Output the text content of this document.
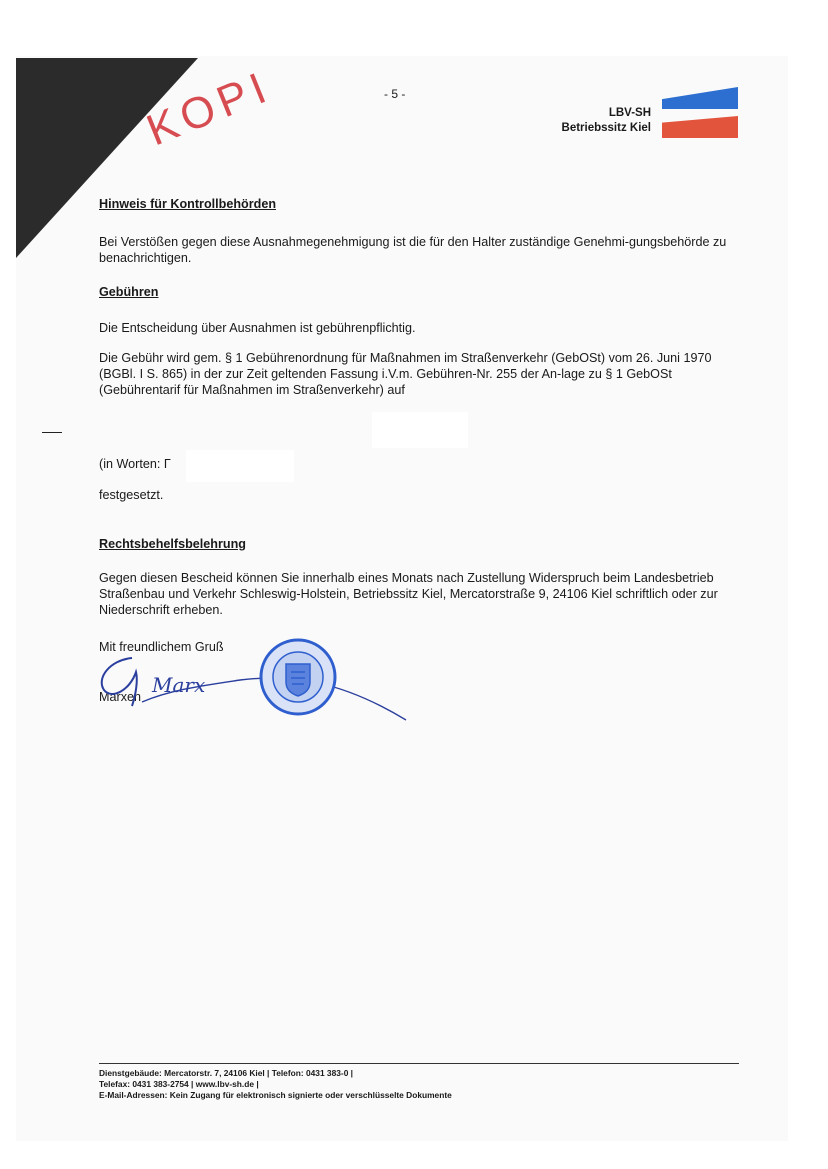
KOPI	- 5 -
LBV-SH
Betriebssitz Kiel
Hinweis für Kontrollbehörden
Bei Verstößen gegen diese Ausnahmegenehmigung ist die für den Halter zuständige Genehmi-gungsbehörde zu benachrichtigen.
Gebühren
Die Entscheidung über Ausnahmen ist gebührenpflichtig.
Die Gebühr wird gem. § 1 Gebührenordnung für Maßnahmen im Straßenverkehr (GebOSt) vom 26. Juni 1970 (BGBl. I S. 865) in der zur Zeit geltenden Fassung i.V.m. Gebühren-Nr. 255 der An-lage zu § 1 GebOSt (Gebührentarif für Maßnahmen im Straßenverkehr) auf
(in Worten: Γ
festgesetzt.
Rechtsbehelfsbelehrung
Gegen diesen Bescheid können Sie innerhalb eines Monats nach Zustellung Widerspruch beim Landesbetrieb Straßenbau und Verkehr Schleswig-Holstein, Betriebssitz Kiel, Mercatorstraße 9, 24106 Kiel schriftlich oder zur Niederschrift erheben.
Mit freundlichem Gruß
Marxen Marx
Dienstgebäude: Mercatorstr. 7, 24106 Kiel | Telefon: 0431 383-0 |
Telefax: 0431 383-2754 | www.lbv-sh.de |
E-Mail-Adressen: Kein Zugang für elektronisch signierte oder verschlüsselte Dokumente
